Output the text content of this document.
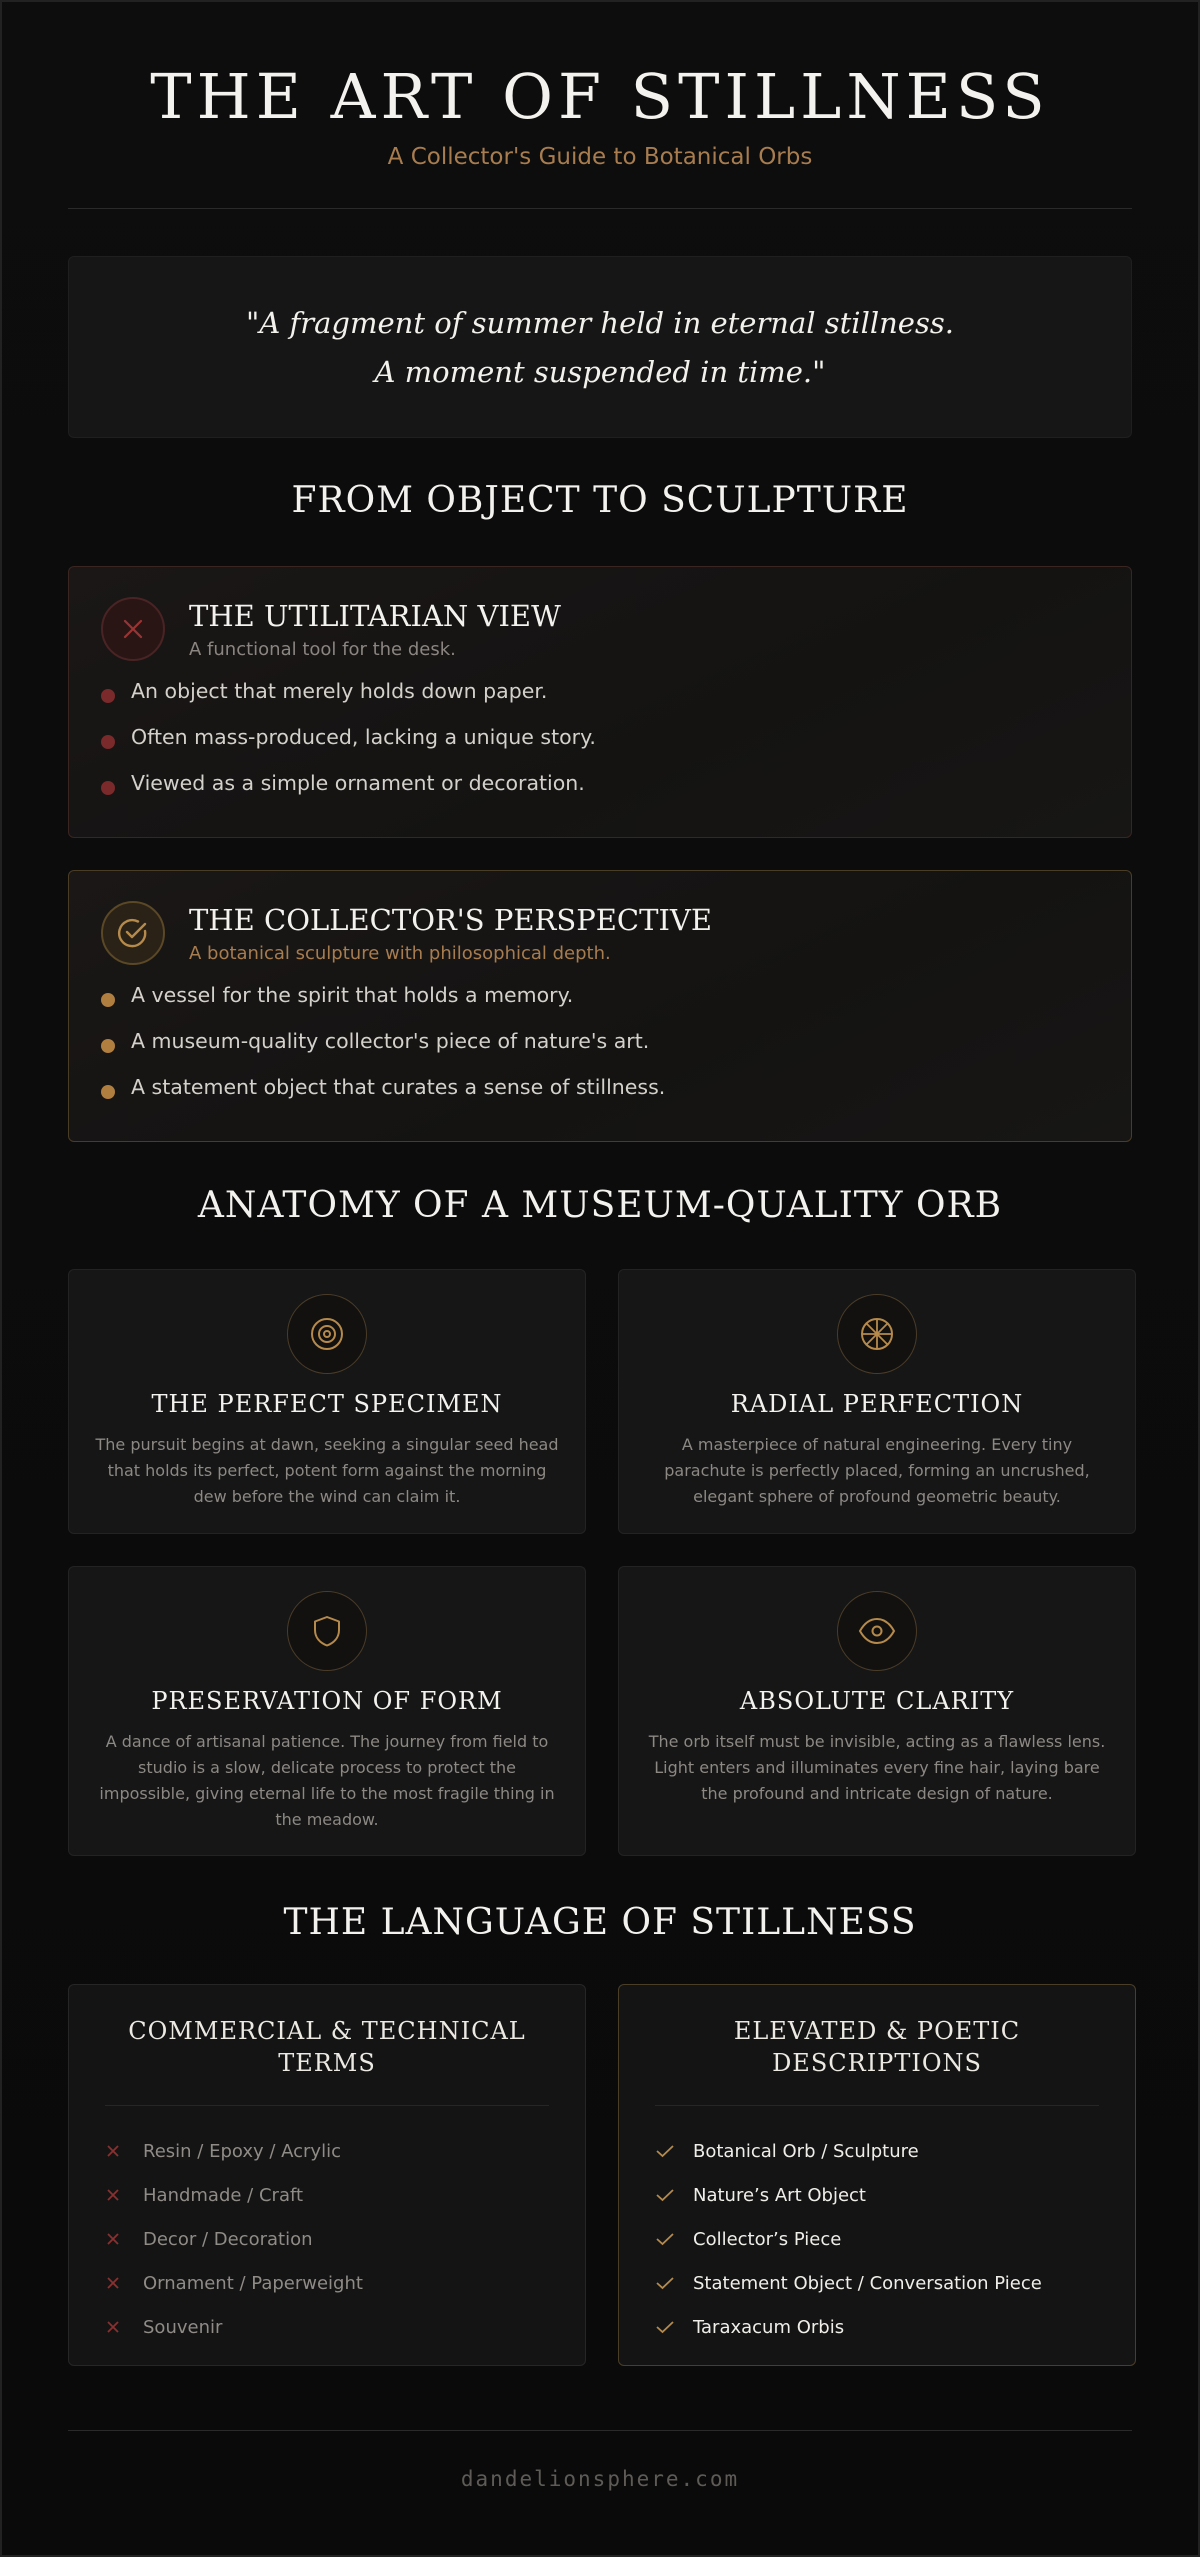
THE ART OF STILLNESS
A Collector's Guide to Botanical Orbs
"A fragment of summer held in eternal stillness.
A moment suspended in time."
FROM OBJECT TO SCULPTURE
THE UTILITARIAN VIEW
A functional tool for the desk.
An object that merely holds down paper.
Often mass-produced, lacking a unique story.
Viewed as a simple ornament or decoration.
THE COLLECTOR'S PERSPECTIVE
A botanical sculpture with philosophical depth.
A vessel for the spirit that holds a memory.
A museum-quality collector's piece of nature's art.
A statement object that curates a sense of stillness.
ANATOMY OF A MUSEUM-QUALITY ORB
THE PERFECT SPECIMEN
The pursuit begins at dawn, seeking a singular seed head that holds its perfect, potent form against the morning dew before the wind can claim it.
RADIAL PERFECTION
A masterpiece of natural engineering. Every tiny parachute is perfectly placed, forming an uncrushed, elegant sphere of profound geometric beauty.
PRESERVATION OF FORM
A dance of artisanal patience. The journey from field to studio is a slow, delicate process to protect the impossible, giving eternal life to the most fragile thing in the meadow.
ABSOLUTE CLARITY
The orb itself must be invisible, acting as a flawless lens. Light enters and illuminates every fine hair, laying bare the profound and intricate design of nature.
THE LANGUAGE OF STILLNESS
COMMERCIAL & TECHNICAL TERMS
Resin / Epoxy / Acrylic
Handmade / Craft
Decor / Decoration
Ornament / Paperweight
Souvenir
ELEVATED & POETIC DESCRIPTIONS
Botanical Orb / Sculpture
Nature’s Art Object
Collector’s Piece
Statement Object / Conversation Piece
Taraxacum Orbis
dandelionsphere.com
